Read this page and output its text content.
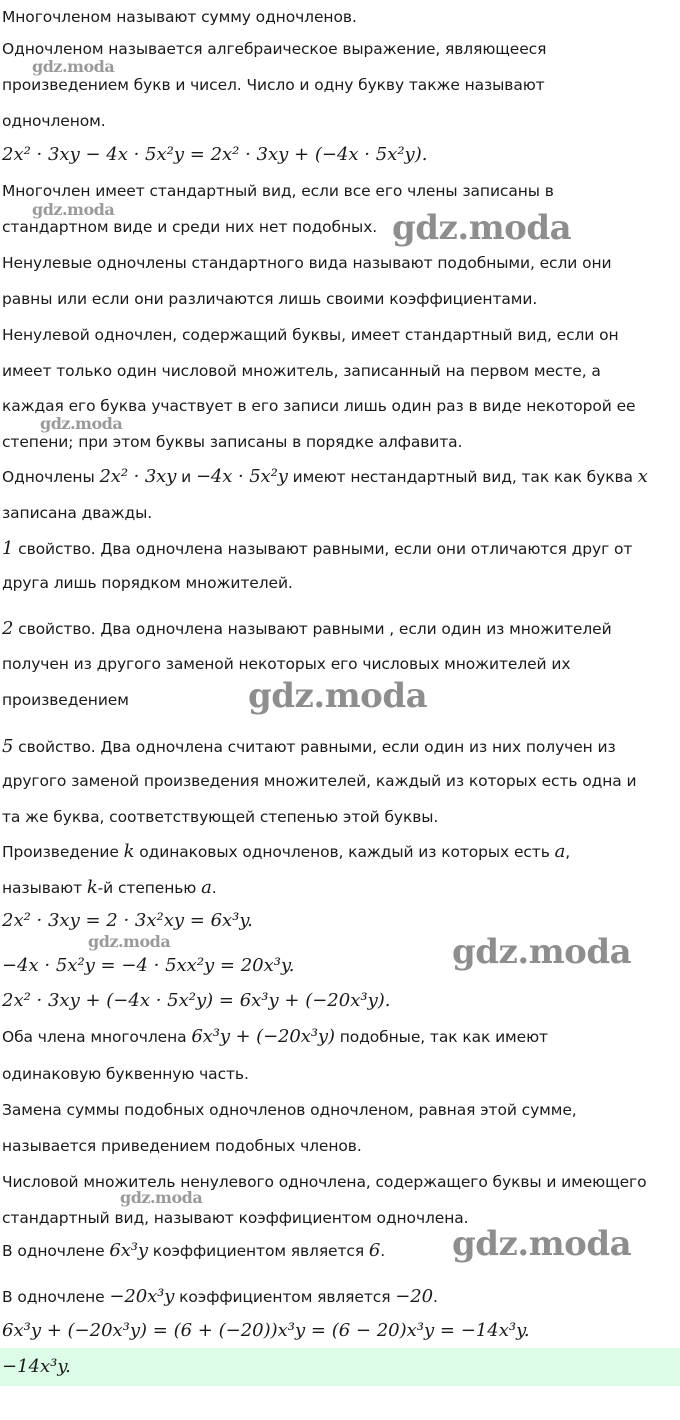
Многочленом называют сумму одночленов.
Одночленом называется алгебраическое выражение, являющееся
произведением букв и чисел. Число и одну букву также называют
одночленом.
2x² · 3xy − 4x · 5x²y = 2x² · 3xy + (−4x · 5x²y).
Многочлен имеет стандартный вид, если все его члены записаны в
стандартном виде и среди них нет подобных.
Ненулевые одночлены стандартного вида называют подобными, если они
равны или если они различаются лишь своими коэффициентами.
Ненулевой одночлен, содержащий буквы, имеет стандартный вид, если он
имеет только один числовой множитель, записанный на первом месте, а
каждая его буква участвует в его записи лишь один раз в виде некоторой ее
степени; при этом буквы записаны в порядке алфавита.
Одночлены 2x² · 3xy и −4x · 5x²y имеют нестандартный вид, так как буква x
записана дважды.
1 свойство. Два одночлена называют равными, если они отличаются друг от
друга лишь порядком множителей.
2 свойство. Два одночлена называют равными , если один из множителей
получен из другого заменой некоторых его числовых множителей их
произведением
5 свойство. Два одночлена считают равными, если один из них получен из
другого заменой произведения множителей, каждый из которых есть одна и
та же буква, соответствующей степенью этой буквы.
Произведение k одинаковых одночленов, каждый из которых есть a,
называют k-й степенью a.
2x² · 3xy = 2 · 3x²xy = 6x³y.
−4x · 5x²y = −4 · 5xx²y = 20x³y.
2x² · 3xy + (−4x · 5x²y) = 6x³y + (−20x³y).
Оба члена многочлена 6x³y + (−20x³y) подобные, так как имеют
одинаковую буквенную часть.
Замена суммы подобных одночленов одночленом, равная этой сумме,
называется приведением подобных членов.
Числовой множитель ненулевого одночлена, содержащего буквы и имеющего
стандартный вид, называют коэффициентом одночлена.
В одночлене 6x³y коэффициентом является 6.
В одночлене −20x³y коэффициентом является −20.
6x³y + (−20x³y) = (6 + (−20))x³y = (6 − 20)x³y = −14x³y.
−14x³y.
gdz.moda
gdz.moda	gdz.moda
gdz.moda
gdz.moda
gdz.moda	gdz.moda
gdz.moda
gdz.moda
